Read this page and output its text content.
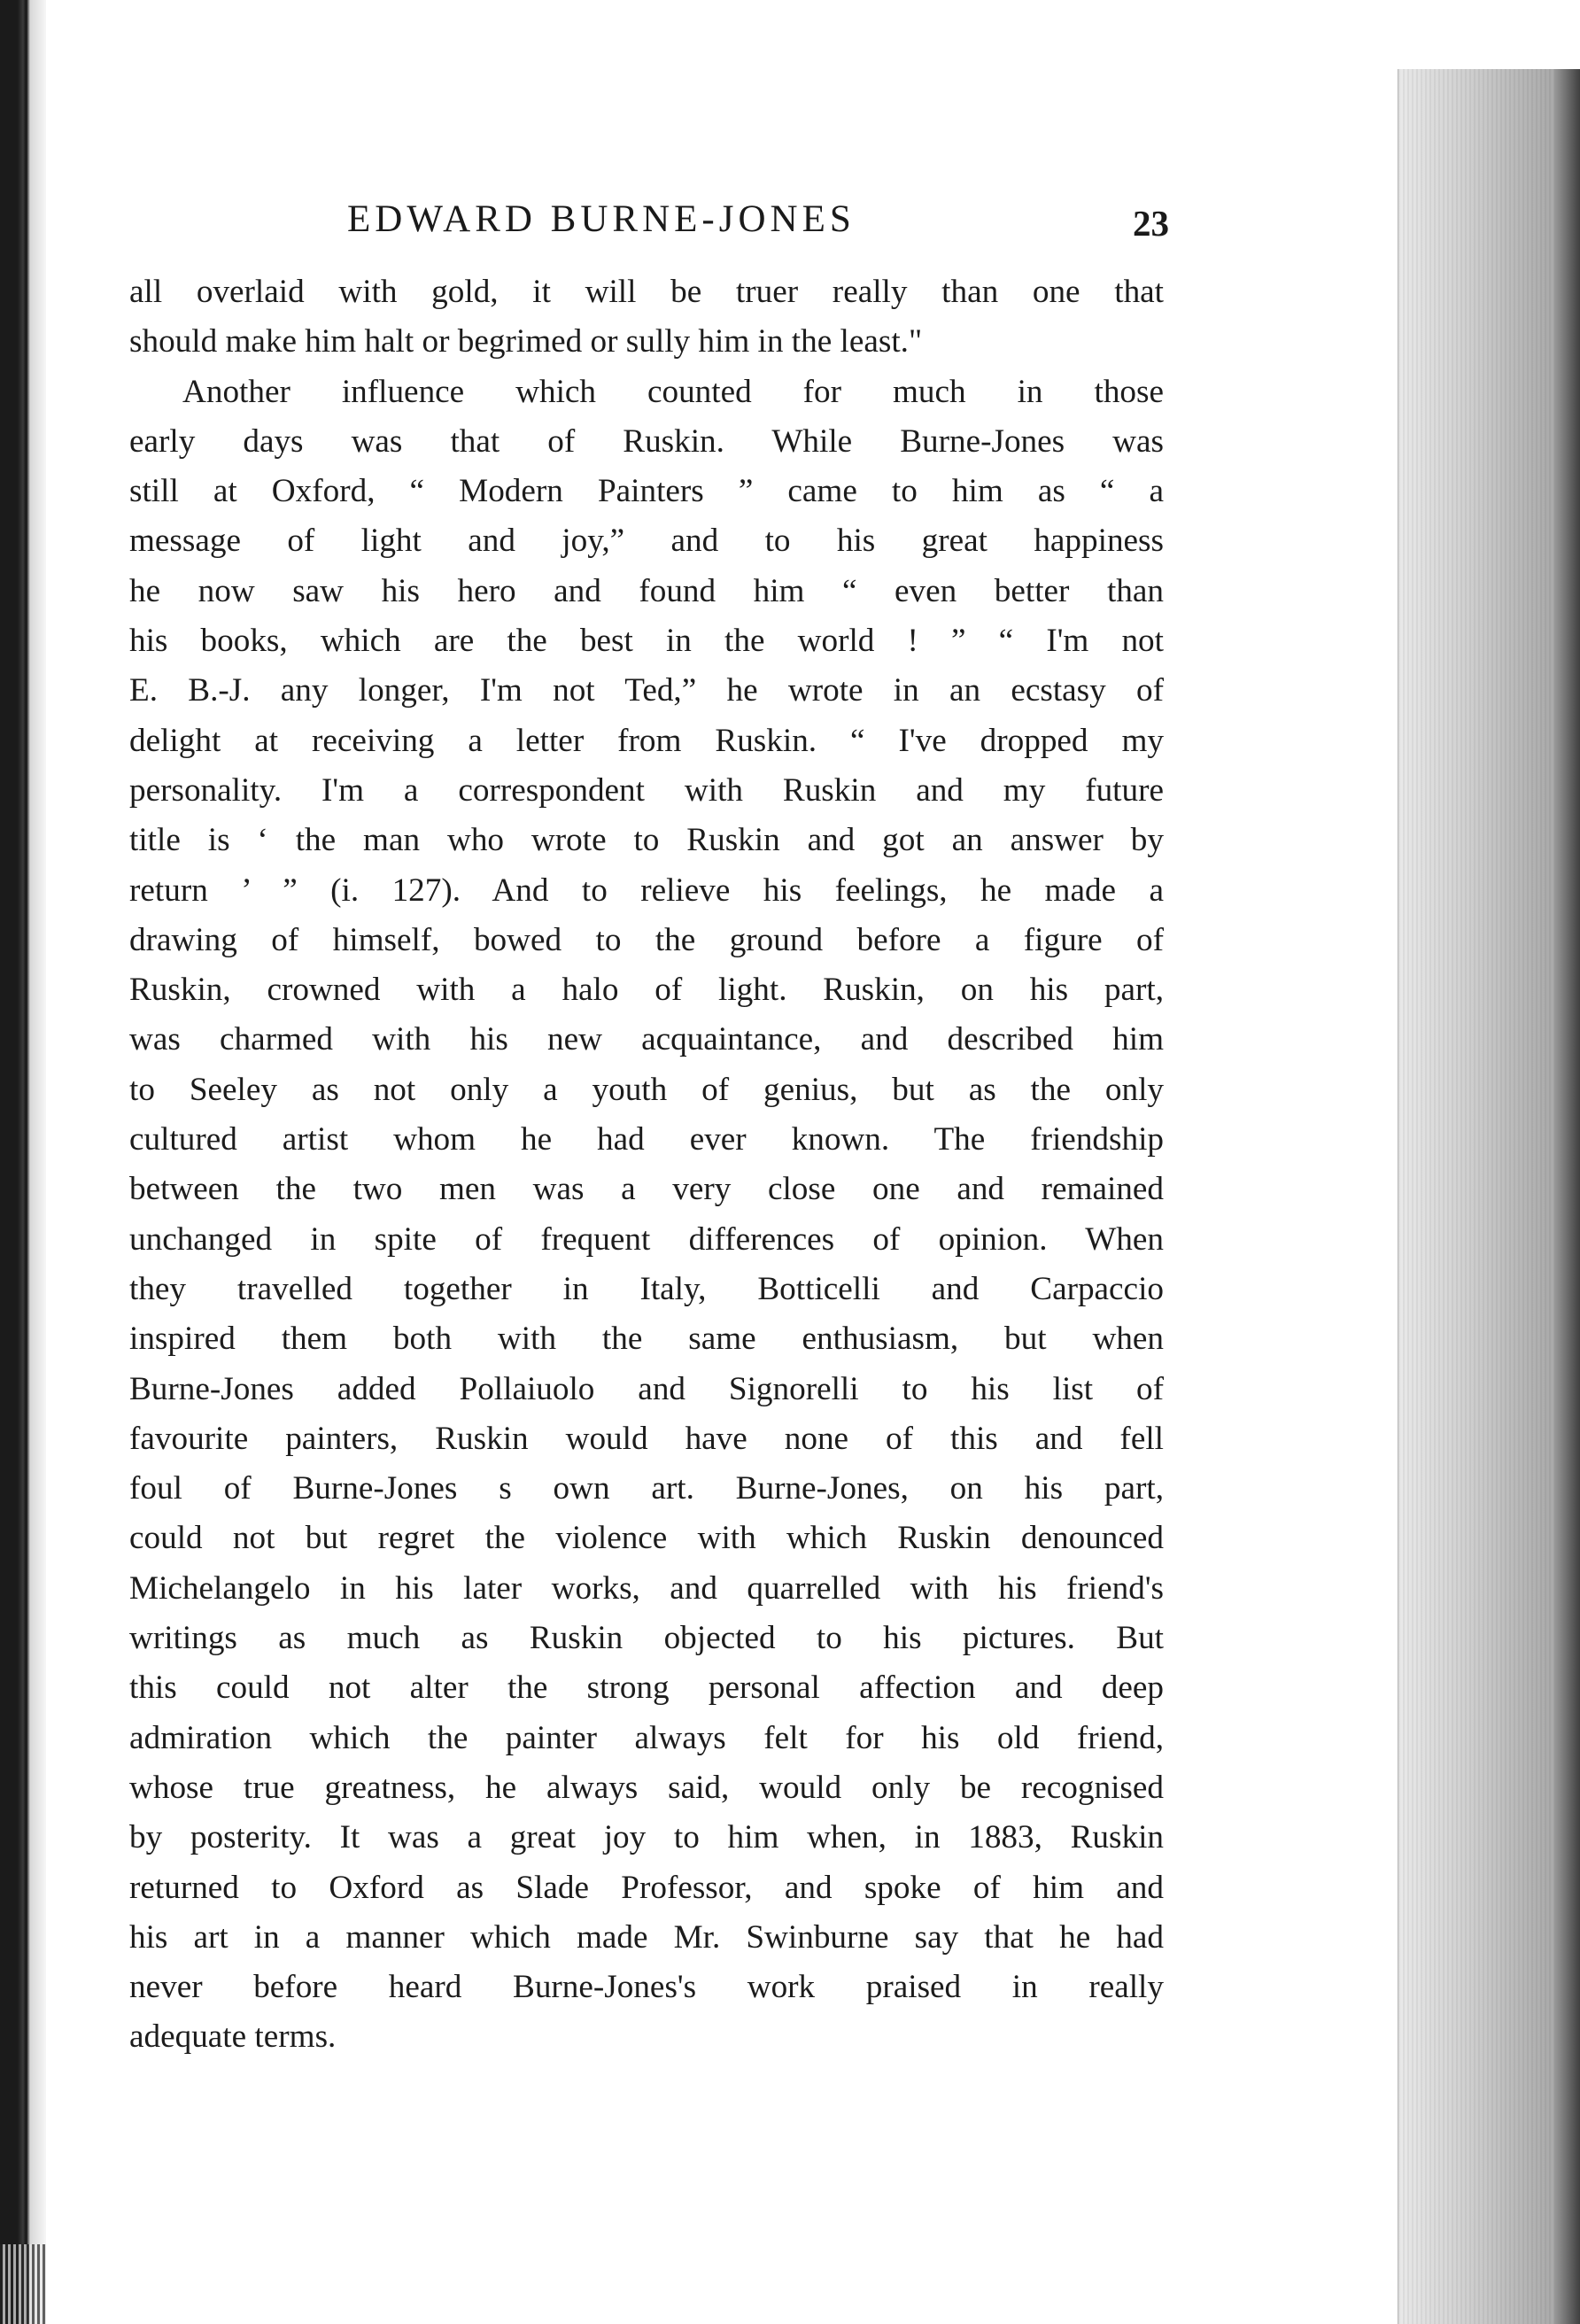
EDWARD BURNE-JONES	23
all overlaid with gold, it will be truer really than one that
should make him halt or begrimed or sully him in the least."
Another influence which counted for much in those
early days was that of Ruskin. While Burne-Jones was
still at Oxford, “ Modern Painters ” came to him as “ a
message of light and joy,” and to his great happiness
he now saw his hero and found him “ even better than
his books, which are the best in the world ! ” “ I'm not
E. B.-J. any longer, I'm not Ted,” he wrote in an ecstasy of
delight at receiving a letter from Ruskin. “ I've dropped my
personality. I'm a correspondent with Ruskin and my future
title is ‘ the man who wrote to Ruskin and got an answer by
return ’ ” (i. 127). And to relieve his feelings, he made a
drawing of himself, bowed to the ground before a figure of
Ruskin, crowned with a halo of light. Ruskin, on his part,
was charmed with his new acquaintance, and described him
to Seeley as not only a youth of genius, but as the only
cultured artist whom he had ever known. The friendship
between the two men was a very close one and remained
unchanged in spite of frequent differences of opinion. When
they travelled together in Italy, Botticelli and Carpaccio
inspired them both with the same enthusiasm, but when
Burne-Jones added Pollaiuolo and Signorelli to his list of
favourite painters, Ruskin would have none of this and fell
foul of Burne-Jones s own art. Burne-Jones, on his part,
could not but regret the violence with which Ruskin denounced
Michelangelo in his later works, and quarrelled with his friend's
writings as much as Ruskin objected to his pictures. But
this could not alter the strong personal affection and deep
admiration which the painter always felt for his old friend,
whose true greatness, he always said, would only be recognised
by posterity. It was a great joy to him when, in 1883, Ruskin
returned to Oxford as Slade Professor, and spoke of him and
his art in a manner which made Mr. Swinburne say that he had
never before heard Burne-Jones's work praised in really
adequate terms.
